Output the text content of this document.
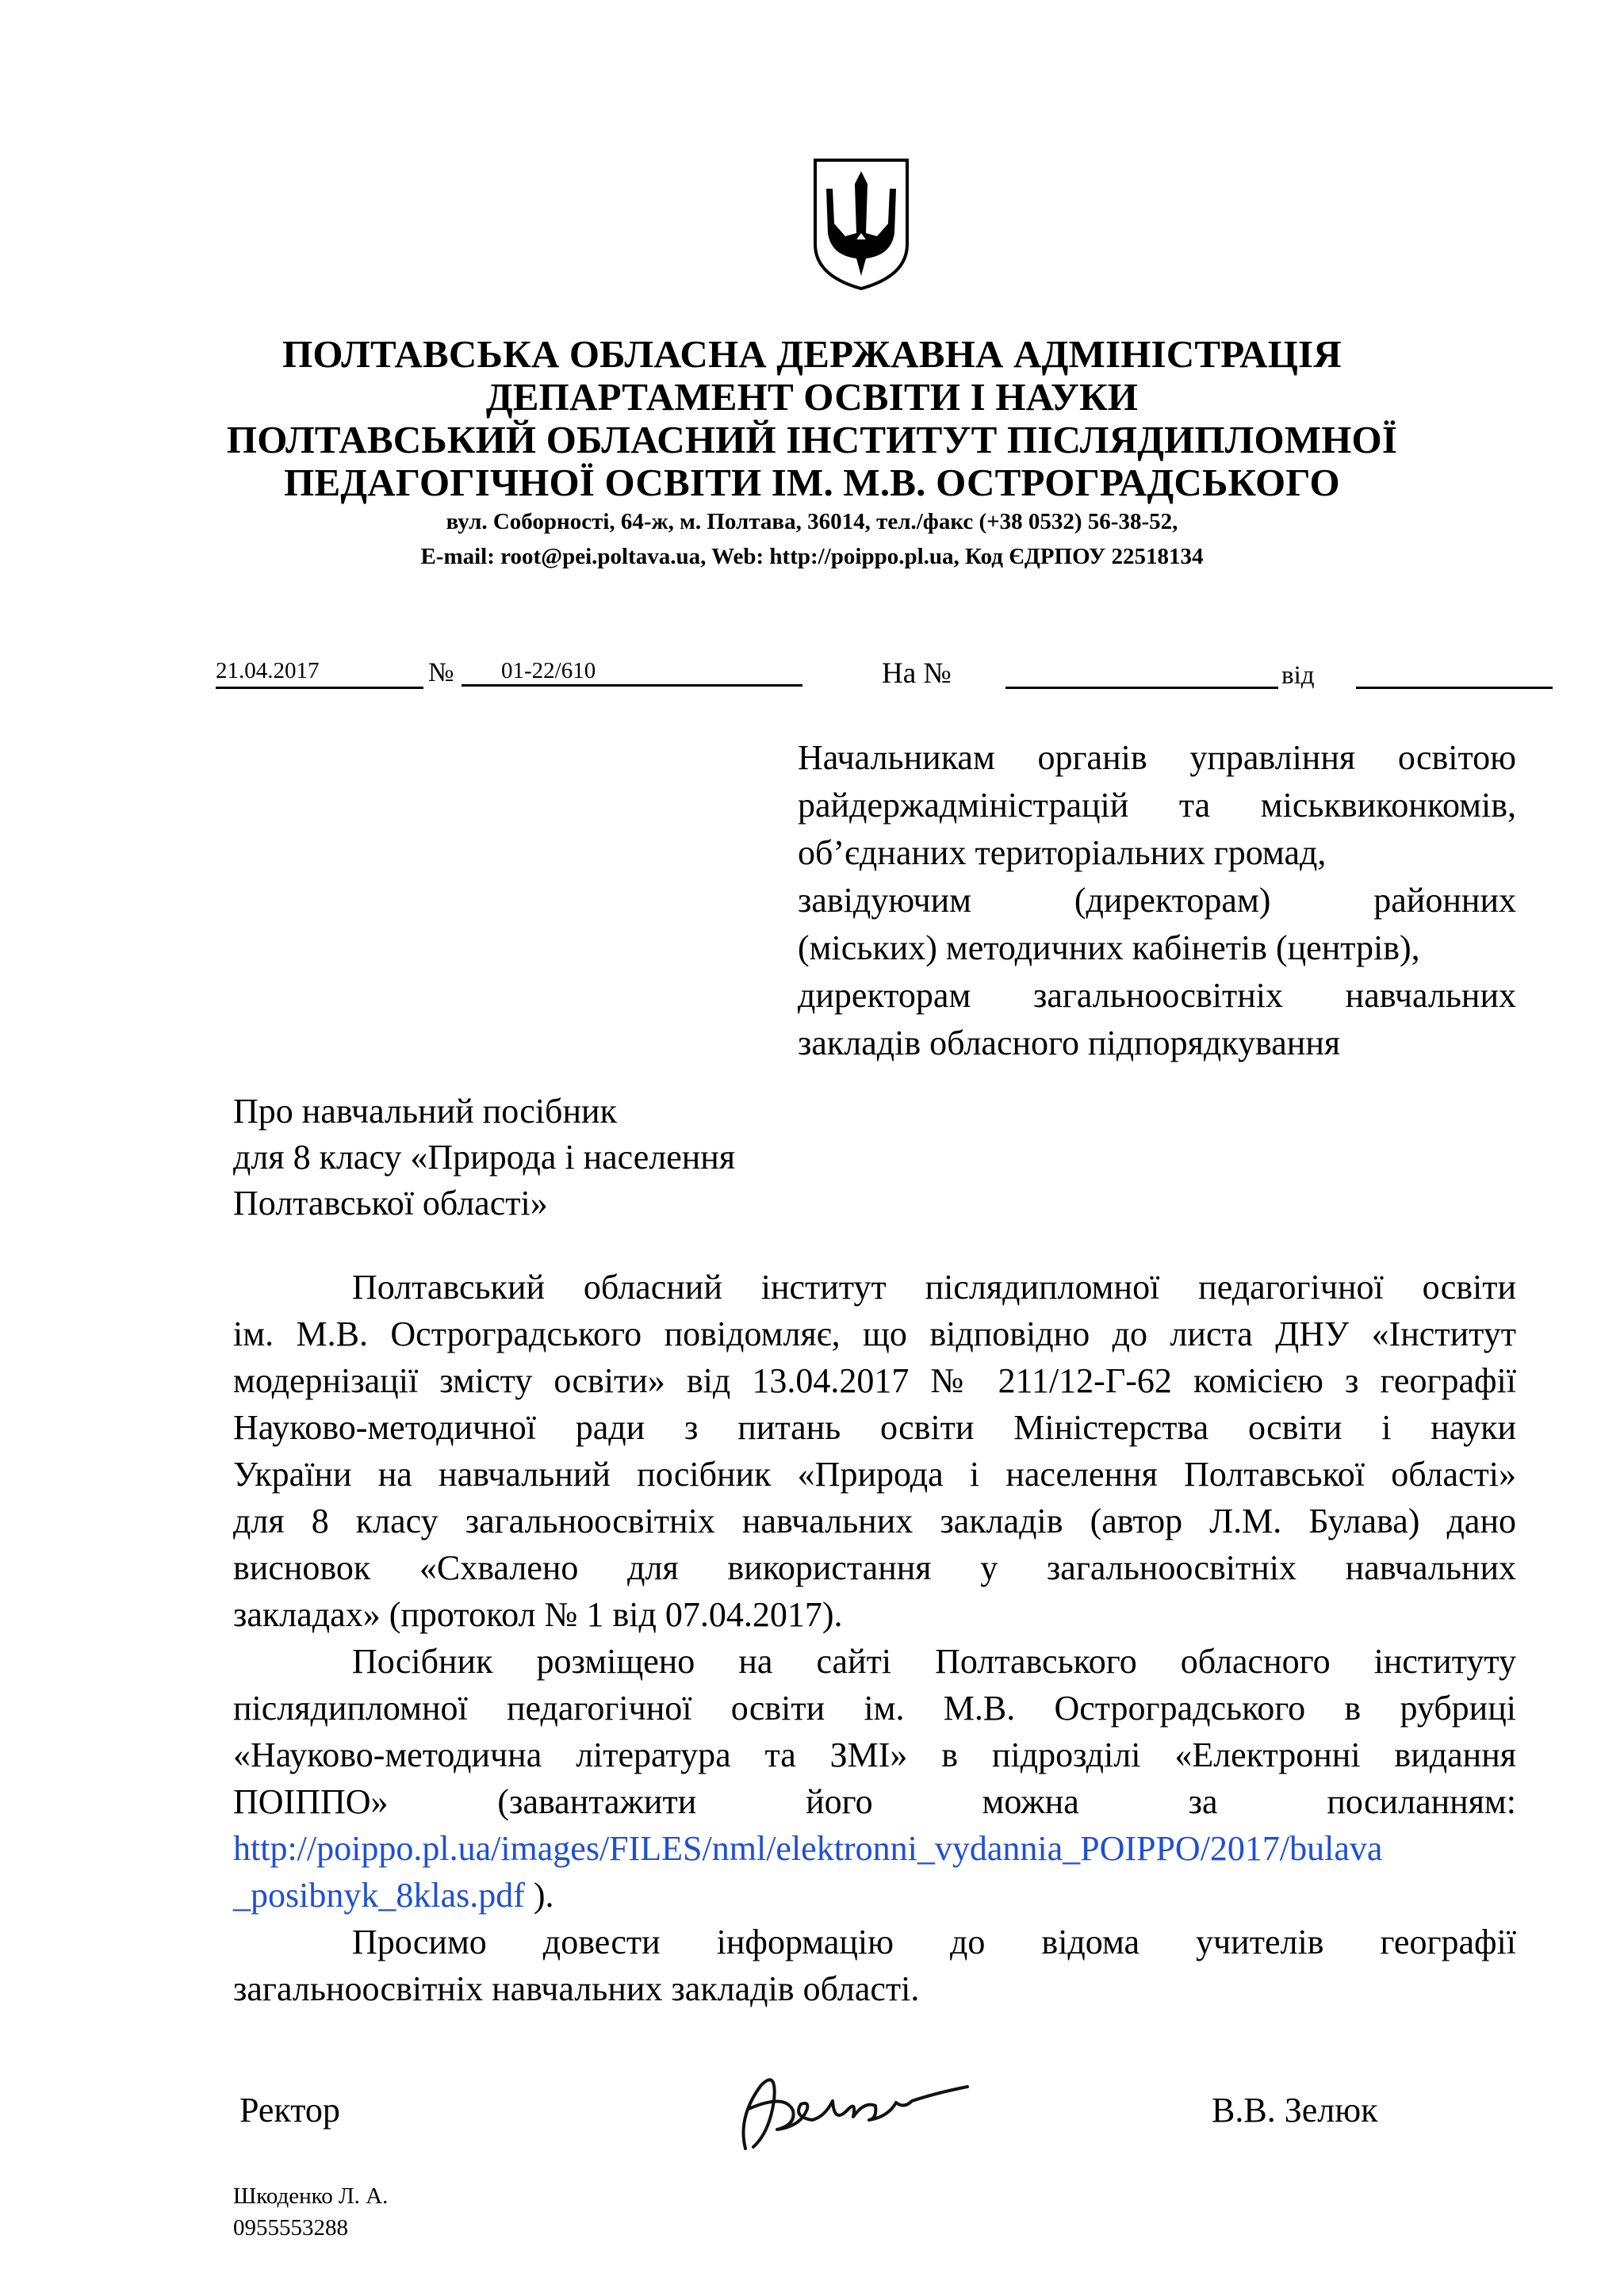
ПОЛТАВСЬКА ОБЛАСНА ДЕРЖАВНА АДМІНІСТРАЦІЯ
ДЕПАРТАМЕНТ ОСВІТИ І НАУКИ
ПОЛТАВСЬКИЙ ОБЛАСНИЙ ІНСТИТУТ ПІСЛЯДИПЛОМНОЇ
ПЕДАГОГІЧНОЇ ОСВІТИ ІМ. М.В. ОСТРОГРАДСЬКОГО
вул. Соборності, 64-ж, м. Полтава, 36014, тел./факс (+38 0532) 56-38-52,
E-mail: root@pei.poltava.ua, Web: http://poippo.pl.ua, Код ЄДРПОУ 22518134
21.04.2017	№	01-22/610	На №	від
Начальникам органів управління освітою
райдержадміністрацій та міськвиконкомів,
об’єднаних територіальних громад,
завідуючим (директорам) районних
(міських) методичних кабінетів (центрів),
директорам загальноосвітніх навчальних
закладів обласного підпорядкування
Про навчальний посібник
для 8 класу «Природа і населення
Полтавської області»
Полтавський обласний інститут післядипломної педагогічної освіти
ім. М.В. Остроградського повідомляє, що відповідно до листа ДНУ «Інститут
модернізації змісту освіти» від 13.04.2017 № 211/12-Г-62 комісією з географії
Науково-методичної ради з питань освіти Міністерства освіти і науки
України на навчальний посібник «Природа і населення Полтавської області»
для 8 класу загальноосвітніх навчальних закладів (автор Л.М. Булава) дано
висновок «Схвалено для використання у загальноосвітніх навчальних
закладах» (протокол № 1 від 07.04.2017).
Посібник розміщено на сайті Полтавського обласного інституту
післядипломної педагогічної освіти ім. М.В. Остроградського в рубриці
«Науково-методична література та ЗМІ» в підрозділі «Електронні видання
ПОІППО» (завантажити його можна за посиланням:
http://poippo.pl.ua/images/FILES/nml/elektronni_vydannia_POIPPO/2017/bulava
_posibnyk_8klas.pdf ).
Просимо довести інформацію до відома учителів географії
загальноосвітніх навчальних закладів області.
Ректор	В.В. Зелюк
Шкоденко Л. А.
0955553288
